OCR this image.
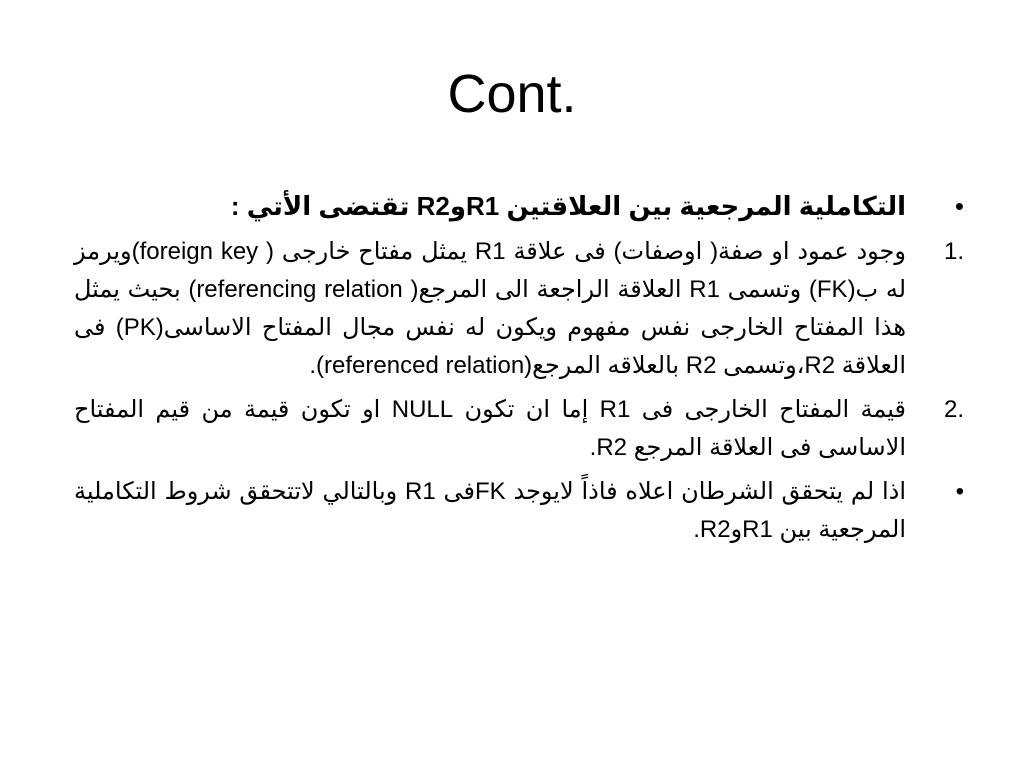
Cont.
•
التكاملية المرجعية بين العلاقتين R1وR2 تقتضى الأتي :
1.
وجود عمود او صفة( اوصفات) فى علاقة R1 يمثل مفتاح خارجى ( foreign key)ويرمز له ب(FK) وتسمى R1 العلاقة الراجعة الى المرجع( referencing relation) بحيث يمثل هذا المفتاح الخارجى نفس مفهوم ويكون له نفس مجال المفتاح الاساسى(PK) فى العلاقة R2،وتسمى R2 بالعلاقه المرجع(referenced relation).
2.
قيمة المفتاح الخارجى فى R1 إما ان تكون NULL او تكون قيمة من قيم المفتاح الاساسى فى العلاقة المرجع R2.
•
اذا لم يتحقق الشرطان اعلاه فاذاً لايوجد FKفى R1 وبالتالي لاتتحقق شروط التكاملية المرجعية بين R1وR2.
